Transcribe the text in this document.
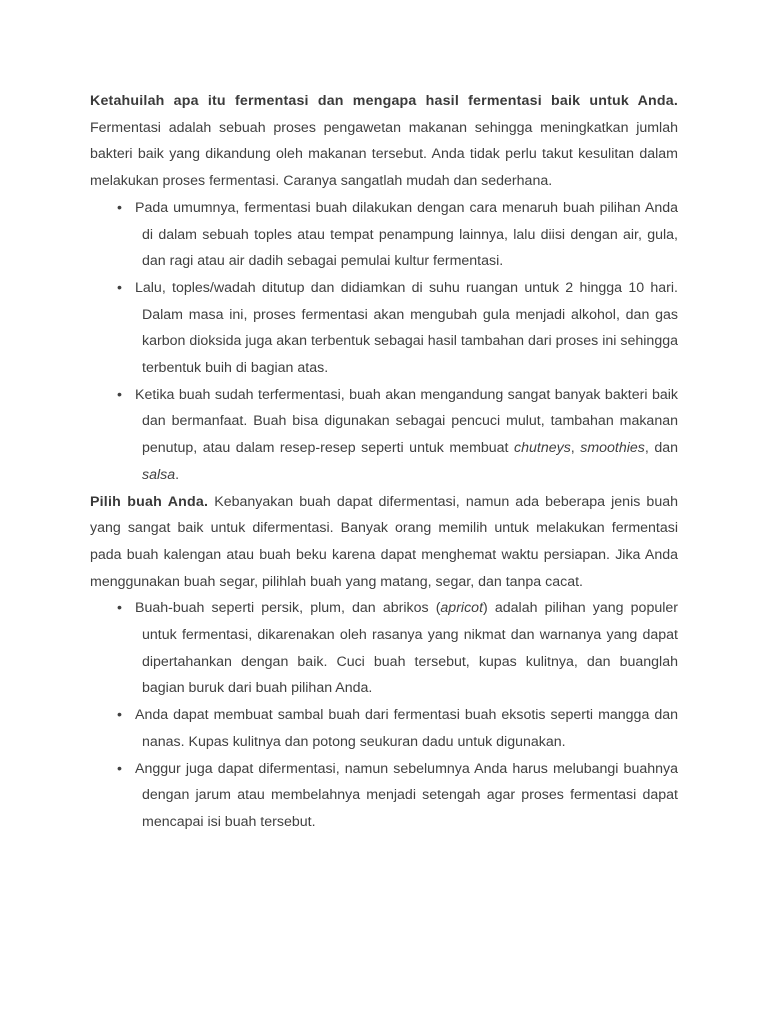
Ketahuilah apa itu fermentasi dan mengapa hasil fermentasi baik untuk Anda. Fermentasi adalah sebuah proses pengawetan makanan sehingga meningkatkan jumlah bakteri baik yang dikandung oleh makanan tersebut. Anda tidak perlu takut kesulitan dalam melakukan proses fermentasi. Caranya sangatlah mudah dan sederhana.

• Pada umumnya, fermentasi buah dilakukan dengan cara menaruh buah pilihan Anda di dalam sebuah toples atau tempat penampung lainnya, lalu diisi dengan air, gula, dan ragi atau air dadih sebagai pemulai kultur fermentasi.
• Lalu, toples/wadah ditutup dan didiamkan di suhu ruangan untuk 2 hingga 10 hari. Dalam masa ini, proses fermentasi akan mengubah gula menjadi alkohol, dan gas karbon dioksida juga akan terbentuk sebagai hasil tambahan dari proses ini sehingga terbentuk buih di bagian atas.
• Ketika buah sudah terfermentasi, buah akan mengandung sangat banyak bakteri baik dan bermanfaat. Buah bisa digunakan sebagai pencuci mulut, tambahan makanan penutup, atau dalam resep-resep seperti untuk membuat chutneys, smoothies, dan salsa.

Pilih buah Anda. Kebanyakan buah dapat difermentasi, namun ada beberapa jenis buah yang sangat baik untuk difermentasi. Banyak orang memilih untuk melakukan fermentasi pada buah kalengan atau buah beku karena dapat menghemat waktu persiapan. Jika Anda menggunakan buah segar, pilihlah buah yang matang, segar, dan tanpa cacat.

• Buah-buah seperti persik, plum, dan abrikos (apricot) adalah pilihan yang populer untuk fermentasi, dikarenakan oleh rasanya yang nikmat dan warnanya yang dapat dipertahankan dengan baik. Cuci buah tersebut, kupas kulitnya, dan buanglah bagian buruk dari buah pilihan Anda.
• Anda dapat membuat sambal buah dari fermentasi buah eksotis seperti mangga dan nanas. Kupas kulitnya dan potong seukuran dadu untuk digunakan.
• Anggur juga dapat difermentasi, namun sebelumnya Anda harus melubangi buahnya dengan jarum atau membelahnya menjadi setengah agar proses fermentasi dapat mencapai isi buah tersebut.
